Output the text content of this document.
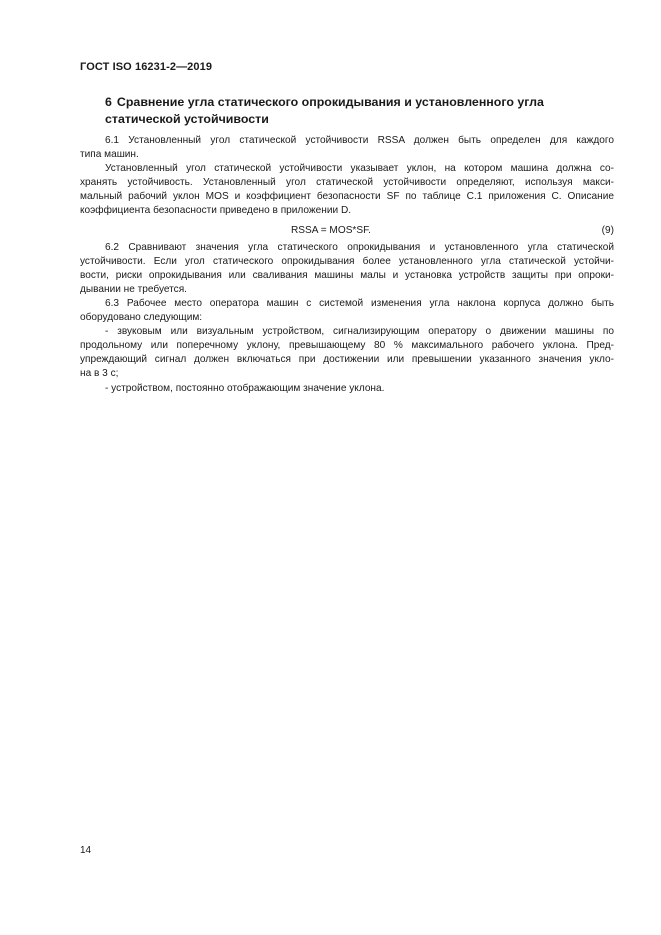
ГОСТ ISO 16231-2—2019
6 Сравнение угла статического опрокидывания и установленного угла
статической устойчивости
6.1 Установленный угол статической устойчивости RSSA должен быть определен для каждого
типа машин.
Установленный угол статической устойчивости указывает уклон, на котором машина должна со-
хранять устойчивость. Установленный угол статической устойчивости определяют, используя макси-
мальный рабочий уклон MOS и коэффициент безопасности SF по таблице С.1 приложения С. Описание
коэффициента безопасности приведено в приложении D.
RSSA = MOS*SF.	(9)
6.2 Сравнивают значения угла статического опрокидывания и установленного угла статической
устойчивости. Если угол статического опрокидывания более установленного угла статической устойчи-
вости, риски опрокидывания или сваливания машины малы и установка устройств защиты при опроки-
дывании не требуется.
6.3 Рабочее место оператора машин с системой изменения угла наклона корпуса должно быть
оборудовано следующим:
- звуковым или визуальным устройством, сигнализирующим оператору о движении машины по
продольному или поперечному уклону, превышающему 80 % максимального рабочего уклона. Пред-
упреждающий сигнал должен включаться при достижении или превышении указанного значения укло-
на в 3 с;
- устройством, постоянно отображающим значение уклона.
14
